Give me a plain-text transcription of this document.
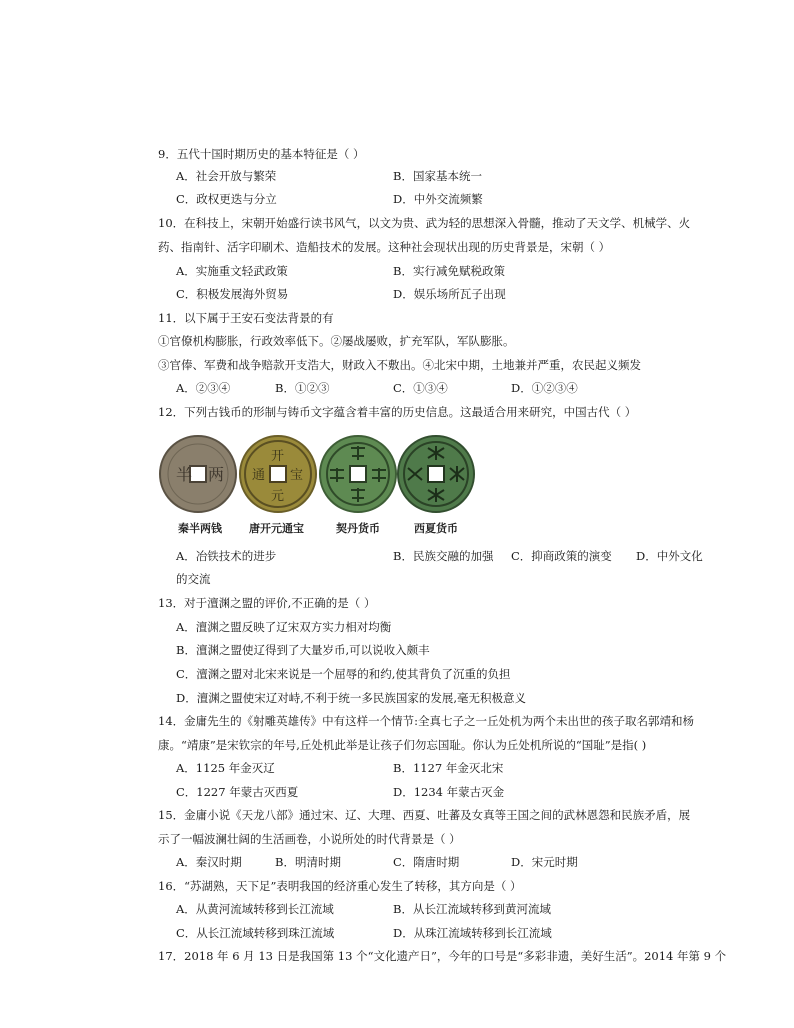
9．五代十国时期历史的基本特征是（ ）
A．社会开放与繁荣	B．国家基本统一
C．政权更迭与分立	D．中外交流频繁
10．在科技上，宋朝开始盛行读书风气，以文为贵、武为轻的思想深入骨髓，推动了天文学、机械学、火
药、指南针、活字印刷术、造船技术的发展。这种社会现状出现的历史背景是，宋朝（ ）
A．实施重文轻武政策	B．实行减免赋税政策
C．积极发展海外贸易	D．娱乐场所瓦子出现
11．以下属于王安石变法背景的有
①官僚机构膨胀，行政效率低下。②屡战屡败，扩充军队，军队膨胀。
③官俸、军费和战争赔款开支浩大，财政入不敷出。④北宋中期，土地兼并严重，农民起义频发
A．②③④	B．①②③	C．①③④	D．①②③④
12．下列古钱币的形制与铸币文字蕴含着丰富的历史信息。这最适合用来研究，中国古代（ ）
半 两
开
元
通 宝
秦半两钱 唐开元通宝	契丹货币	西夏货币
A．冶铁技术的进步	B．民族交融的加强 C．抑商政策的演变 D．中外文化
的交流
13．对于澶渊之盟的评价,不正确的是（ ）
A．澶渊之盟反映了辽宋双方实力相对均衡
B．澶渊之盟使辽得到了大量岁币,可以说收入颇丰
C．澶渊之盟对北宋来说是一个屈辱的和约,使其背负了沉重的负担
D．澶渊之盟使宋辽对峙,不利于统一多民族国家的发展,毫无积极意义
14．金庸先生的《射雕英雄传》中有这样一个情节:全真七子之一丘处机为两个未出世的孩子取名郭靖和杨
康。“靖康”是宋钦宗的年号,丘处机此举是让孩子们勿忘国耻。你认为丘处机所说的“国耻”是指( )
A．1125 年金灭辽	B．1127 年金灭北宋
C．1227 年蒙古灭西夏	D．1234 年蒙古灭金
15．金庸小说《天龙八部》通过宋、辽、大理、西夏、吐蕃及女真等王国之间的武林恩怨和民族矛盾，展
示了一幅波澜壮阔的生活画卷，小说所处的时代背景是（ ）
A．秦汉时期	B．明清时期	C．隋唐时期	D．宋元时期
16．“苏湖熟，天下足”表明我国的经济重心发生了转移，其方向是（ ）
A．从黄河流域转移到长江流域	B．从长江流域转移到黄河流域
C．从长江流域转移到珠江流域	D．从珠江流域转移到长江流域
17．2018 年 6 月 13 日是我国第 13 个“文化遗产日”，今年的口号是“多彩非遗，美好生活”。2014 年第 9 个
